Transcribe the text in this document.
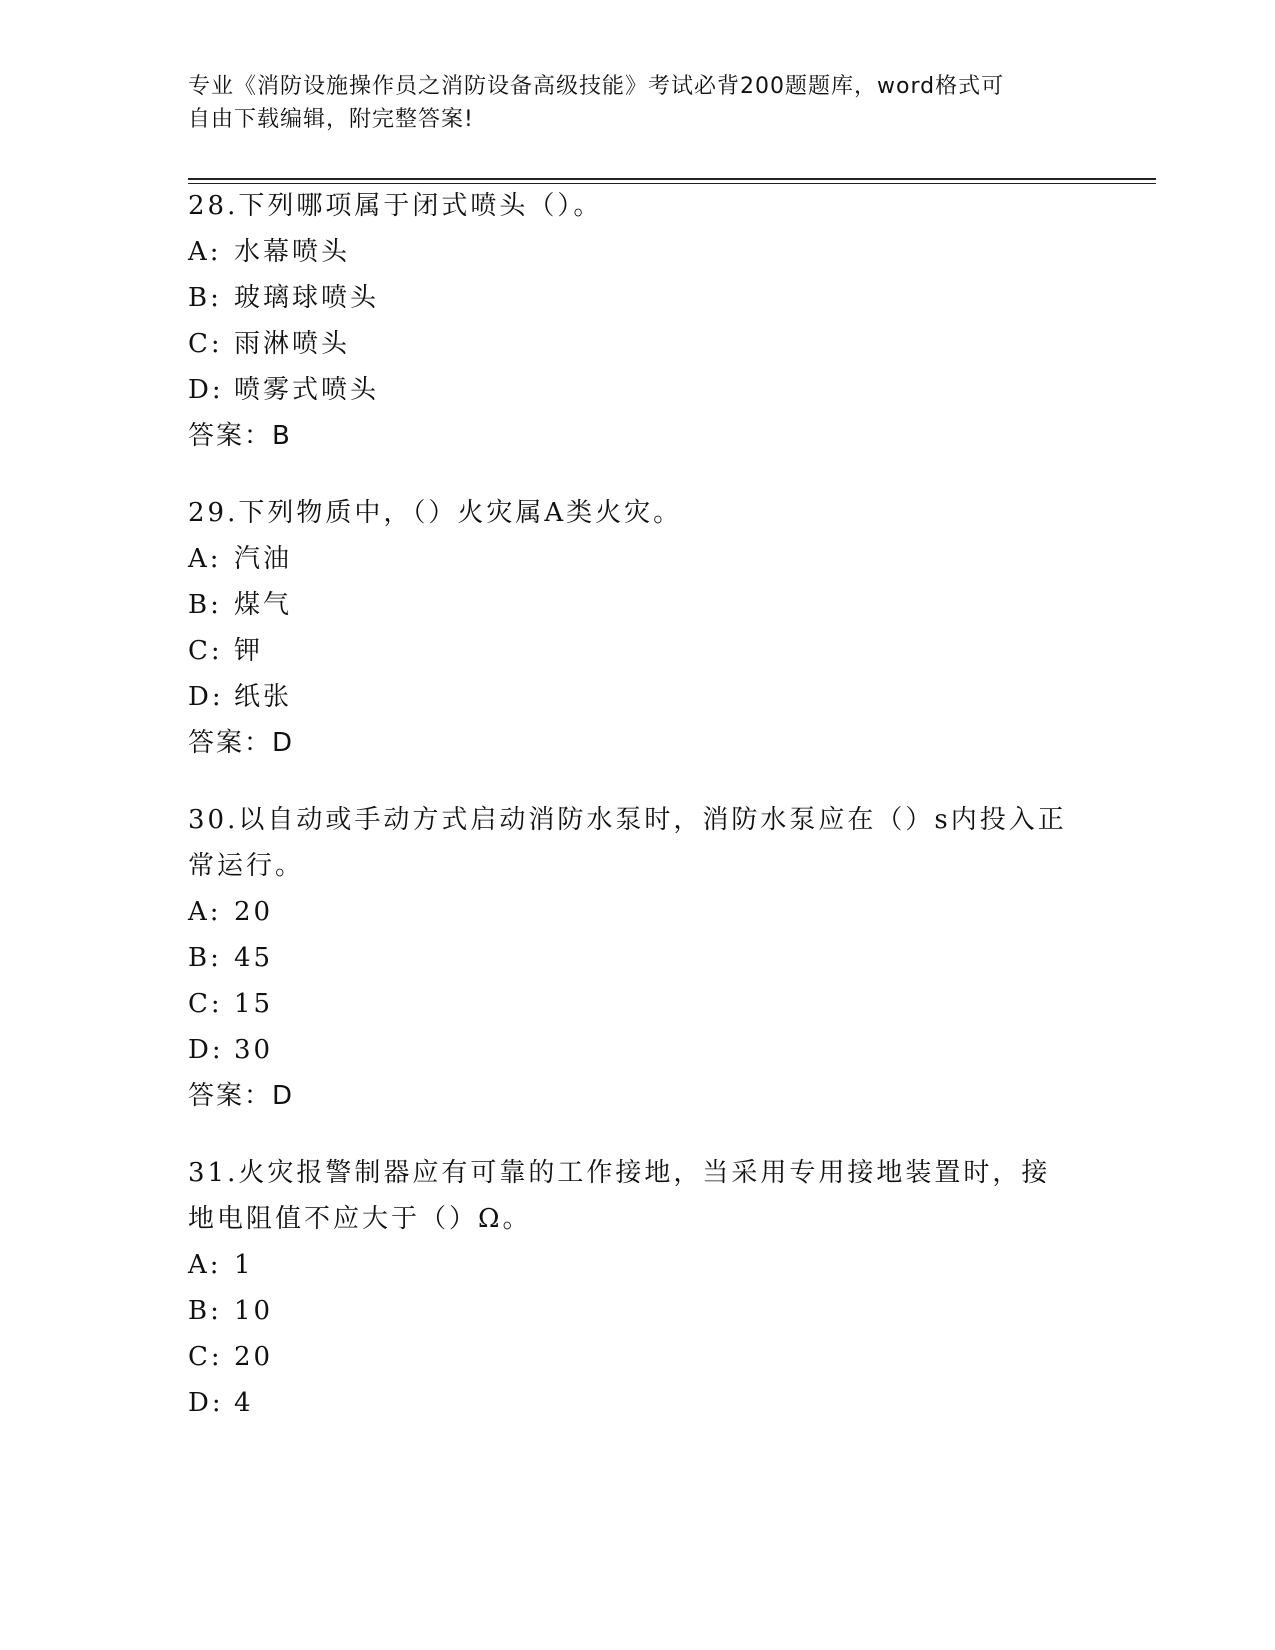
专业《消防设施操作员之消防设备高级技能》考试必背200题题库，word格式可
自由下载编辑，附完整答案!

28.下列哪项属于闭式喷头（）。

A: 水幕喷头
B: 玻璃球喷头
C: 雨淋喷头
D: 喷雾式喷头
答案：B

29.下列物质中，（）火灾属A类火灾。

A: 汽油
B: 煤气
C: 钾
D: 纸张
答案：D

30.以自动或手动方式启动消防水泵时，消防水泵应在（）s内投入正常运行。

A: 20
B: 45
C: 15
D: 30
答案：D

31.火灾报警制器应有可靠的工作接地，当采用专用接地装置时，接地电阻值不应大于（）Ω。

A: 1
B: 10
C: 20
D: 4
